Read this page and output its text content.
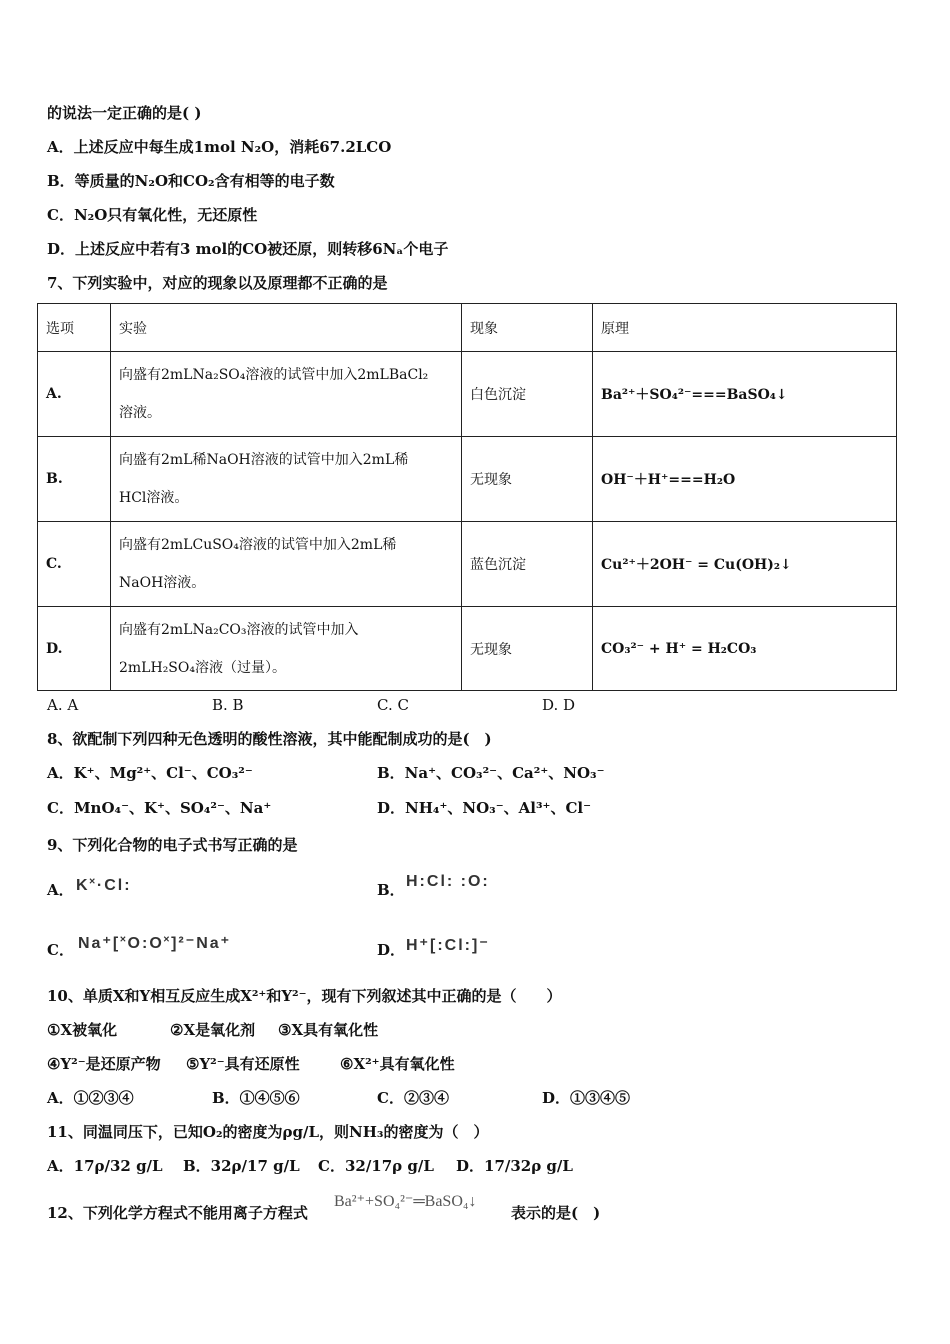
的说法一定正确的是( )
A．上述反应中每生成1mol N₂O，消耗67.2LCO
B．等质量的N₂O和CO₂含有相等的电子数
C．N₂O只有氧化性，无还原性
D．上述反应中若有3 mol的CO被还原，则转移6Nₐ个电子
7、下列实验中，对应的现象以及原理都不正确的是
选项	实验	现象	原理
A.	向盛有2mLNa₂SO₄溶液的试管中加入2mLBaCl₂
溶液。	白色沉淀	Ba²⁺＋SO₄²⁻===BaSO₄↓
B.	向盛有2mL稀NaOH溶液的试管中加入2mL稀
HCl溶液。	无现象	OH⁻＋H⁺===H₂O
C.	向盛有2mLCuSO₄溶液的试管中加入2mL稀
NaOH溶液。	蓝色沉淀	Cu²⁺＋2OH⁻ = Cu(OH)₂↓
D.	向盛有2mLNa₂CO₃溶液的试管中加入
2mLH₂SO₄溶液（过量）。	无现象	CO₃²⁻ + H⁺ = H₂CO₃
A. A	B. B	C. C	D. D
8、欲配制下列四种无色透明的酸性溶液，其中能配制成功的是(　)
A．K⁺、Mg²⁺、Cl⁻、CO₃²⁻	B．Na⁺、CO₃²⁻、Ca²⁺、NO₃⁻
C．MnO₄⁻、K⁺、SO₄²⁻、Na⁺	D．NH₄⁺、NO₃⁻、Al³⁺、Cl⁻
9、下列化合物的电子式书写正确的是
A． K˟·Cl:	B． H:Cl: :O:
C． Na⁺[˟O:O˟]²⁻Na⁺	D． H⁺[:Cl:]⁻
10、单质X和Y相互反应生成X²⁺和Y²⁻，现有下列叙述其中正确的是（　　）
①X被氧化	②X是氧化剂 ③X具有氧化性
④Y²⁻是还原产物 ⑤Y²⁻具有还原性	⑥X²⁺具有氧化性
A．①②③④	B．①④⑤⑥	C．②③④	D．①③④⑤
11、同温同压下，已知O₂的密度为ρg/L，则NH₃的密度为（　）
A．17ρ/32 g/L B．32ρ/17 g/L C．32/17ρ g/L D．17/32ρ g/L
12、下列化学方程式不能用离子方程式
Ba²⁺+SO₄²⁻═BaSO₄↓
表示的是(　)
